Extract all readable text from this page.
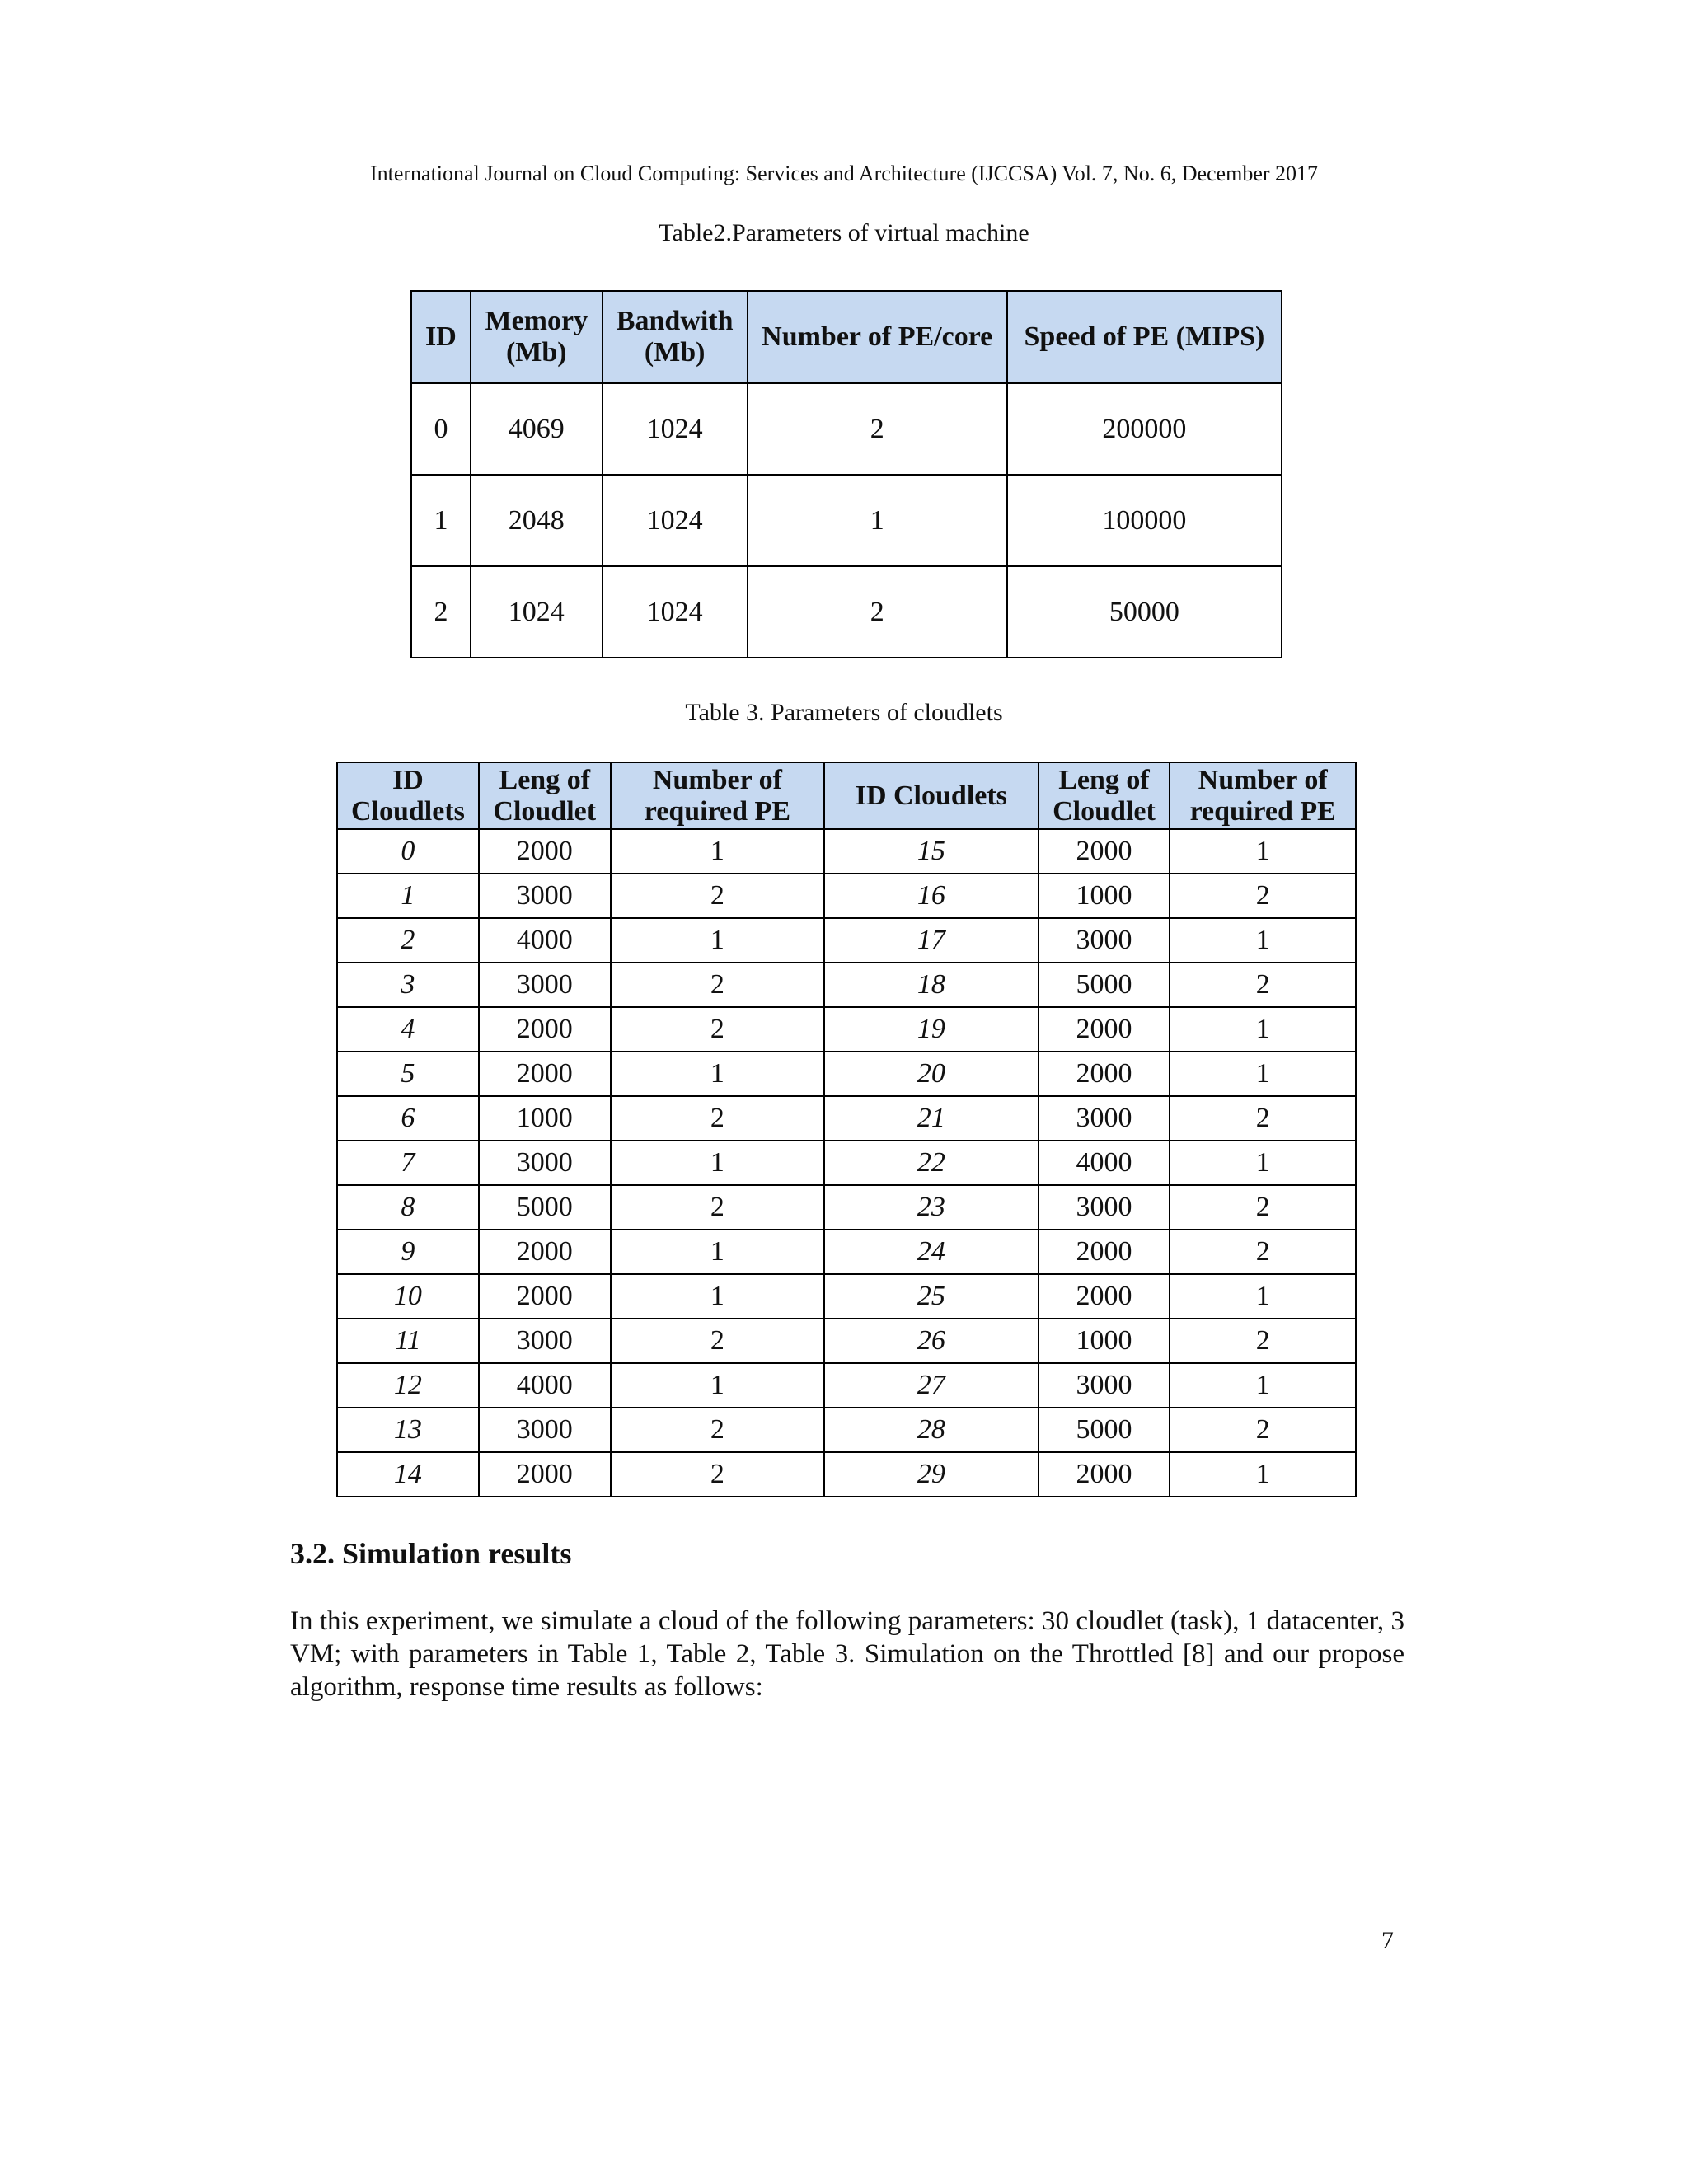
International Journal on Cloud Computing: Services and Architecture (IJCCSA) Vol. 7, No. 6, December 2017
Table2.Parameters of virtual machine
ID	Memory (Mb)	Bandwith (Mb)	Number of PE/core	Speed of PE (MIPS)
0	4069	1024	2	200000
1	2048	1024	1	100000
2	1024	1024	2	50000
Table 3. Parameters of cloudlets
ID Cloudlets	Leng of Cloudlet	Number of required PE	ID Cloudlets	Leng of Cloudlet	Number of required PE
0	2000	1	15	2000	1
1	3000	2	16	1000	2
2	4000	1	17	3000	1
3	3000	2	18	5000	2
4	2000	2	19	2000	1
5	2000	1	20	2000	1
6	1000	2	21	3000	2
7	3000	1	22	4000	1
8	5000	2	23	3000	2
9	2000	1	24	2000	2
10	2000	1	25	2000	1
11	3000	2	26	1000	2
12	4000	1	27	3000	1
13	3000	2	28	5000	2
14	2000	2	29	2000	1
3.2. Simulation results
In this experiment, we simulate a cloud of the following parameters: 30 cloudlet (task), 1 datacenter, 3 VM; with parameters in Table 1, Table 2, Table 3. Simulation on the Throttled [8] and our propose algorithm, response time results as follows:
7
